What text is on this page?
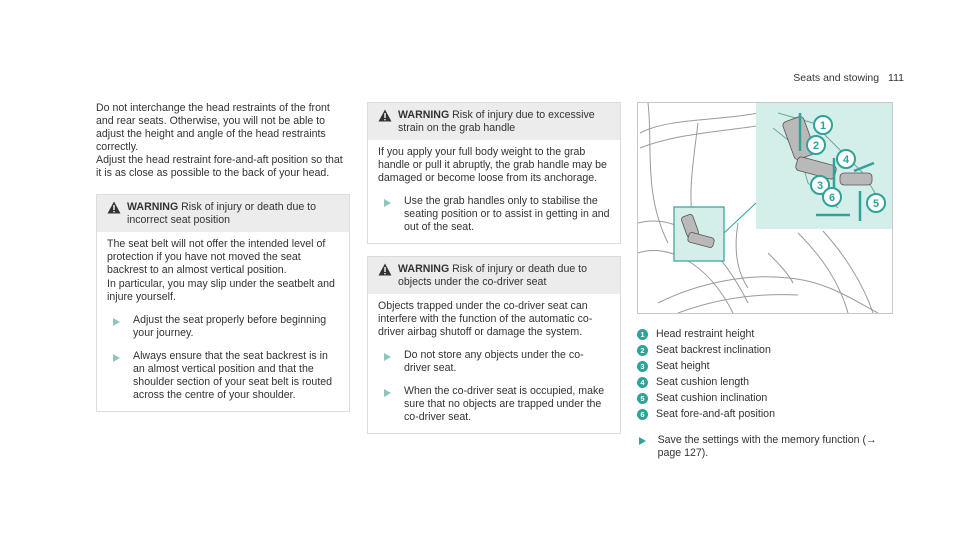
Seats and stowing 111

Do not interchange the head restraints of the front and rear seats. Otherwise, you will not be able to adjust the height and angle of the head restraints correctly.

Adjust the head restraint fore-and-aft position so that it is as close as possible to the back of your head.

WARNING Risk of injury or death due to incorrect seat position

The seat belt will not offer the intended level of protection if you have not moved the seat backrest to an almost vertical position.

In particular, you may slip under the seatbelt and injure yourself.

Adjust the seat properly before beginning your journey.
Always ensure that the seat backrest is in an almost vertical position and that the shoulder section of your seat belt is routed across the centre of your shoulder.
WARNING Risk of injury due to excessive strain on the grab handle

If you apply your full body weight to the grab handle or pull it abruptly, the grab handle may be damaged or become loose from its anchorage.

Use the grab handles only to stabilise the seating position or to assist in getting in and out of the seat.
WARNING Risk of injury or death due to objects under the co-driver seat

Objects trapped under the co-driver seat can interfere with the function of the automatic co-driver airbag shutoff or damage the system.

Do not store any objects under the co-driver seat.
When the co-driver seat is occupied, make sure that no objects are trapped under the co-driver seat.
1
2
3
4
5
6
1	Head restraint height
2	Seat backrest inclination
3	Seat height
4	Seat cushion length
5	Seat cushion inclination
6	Seat fore-and-aft position
Save the settings with the memory function (→ page 127).
